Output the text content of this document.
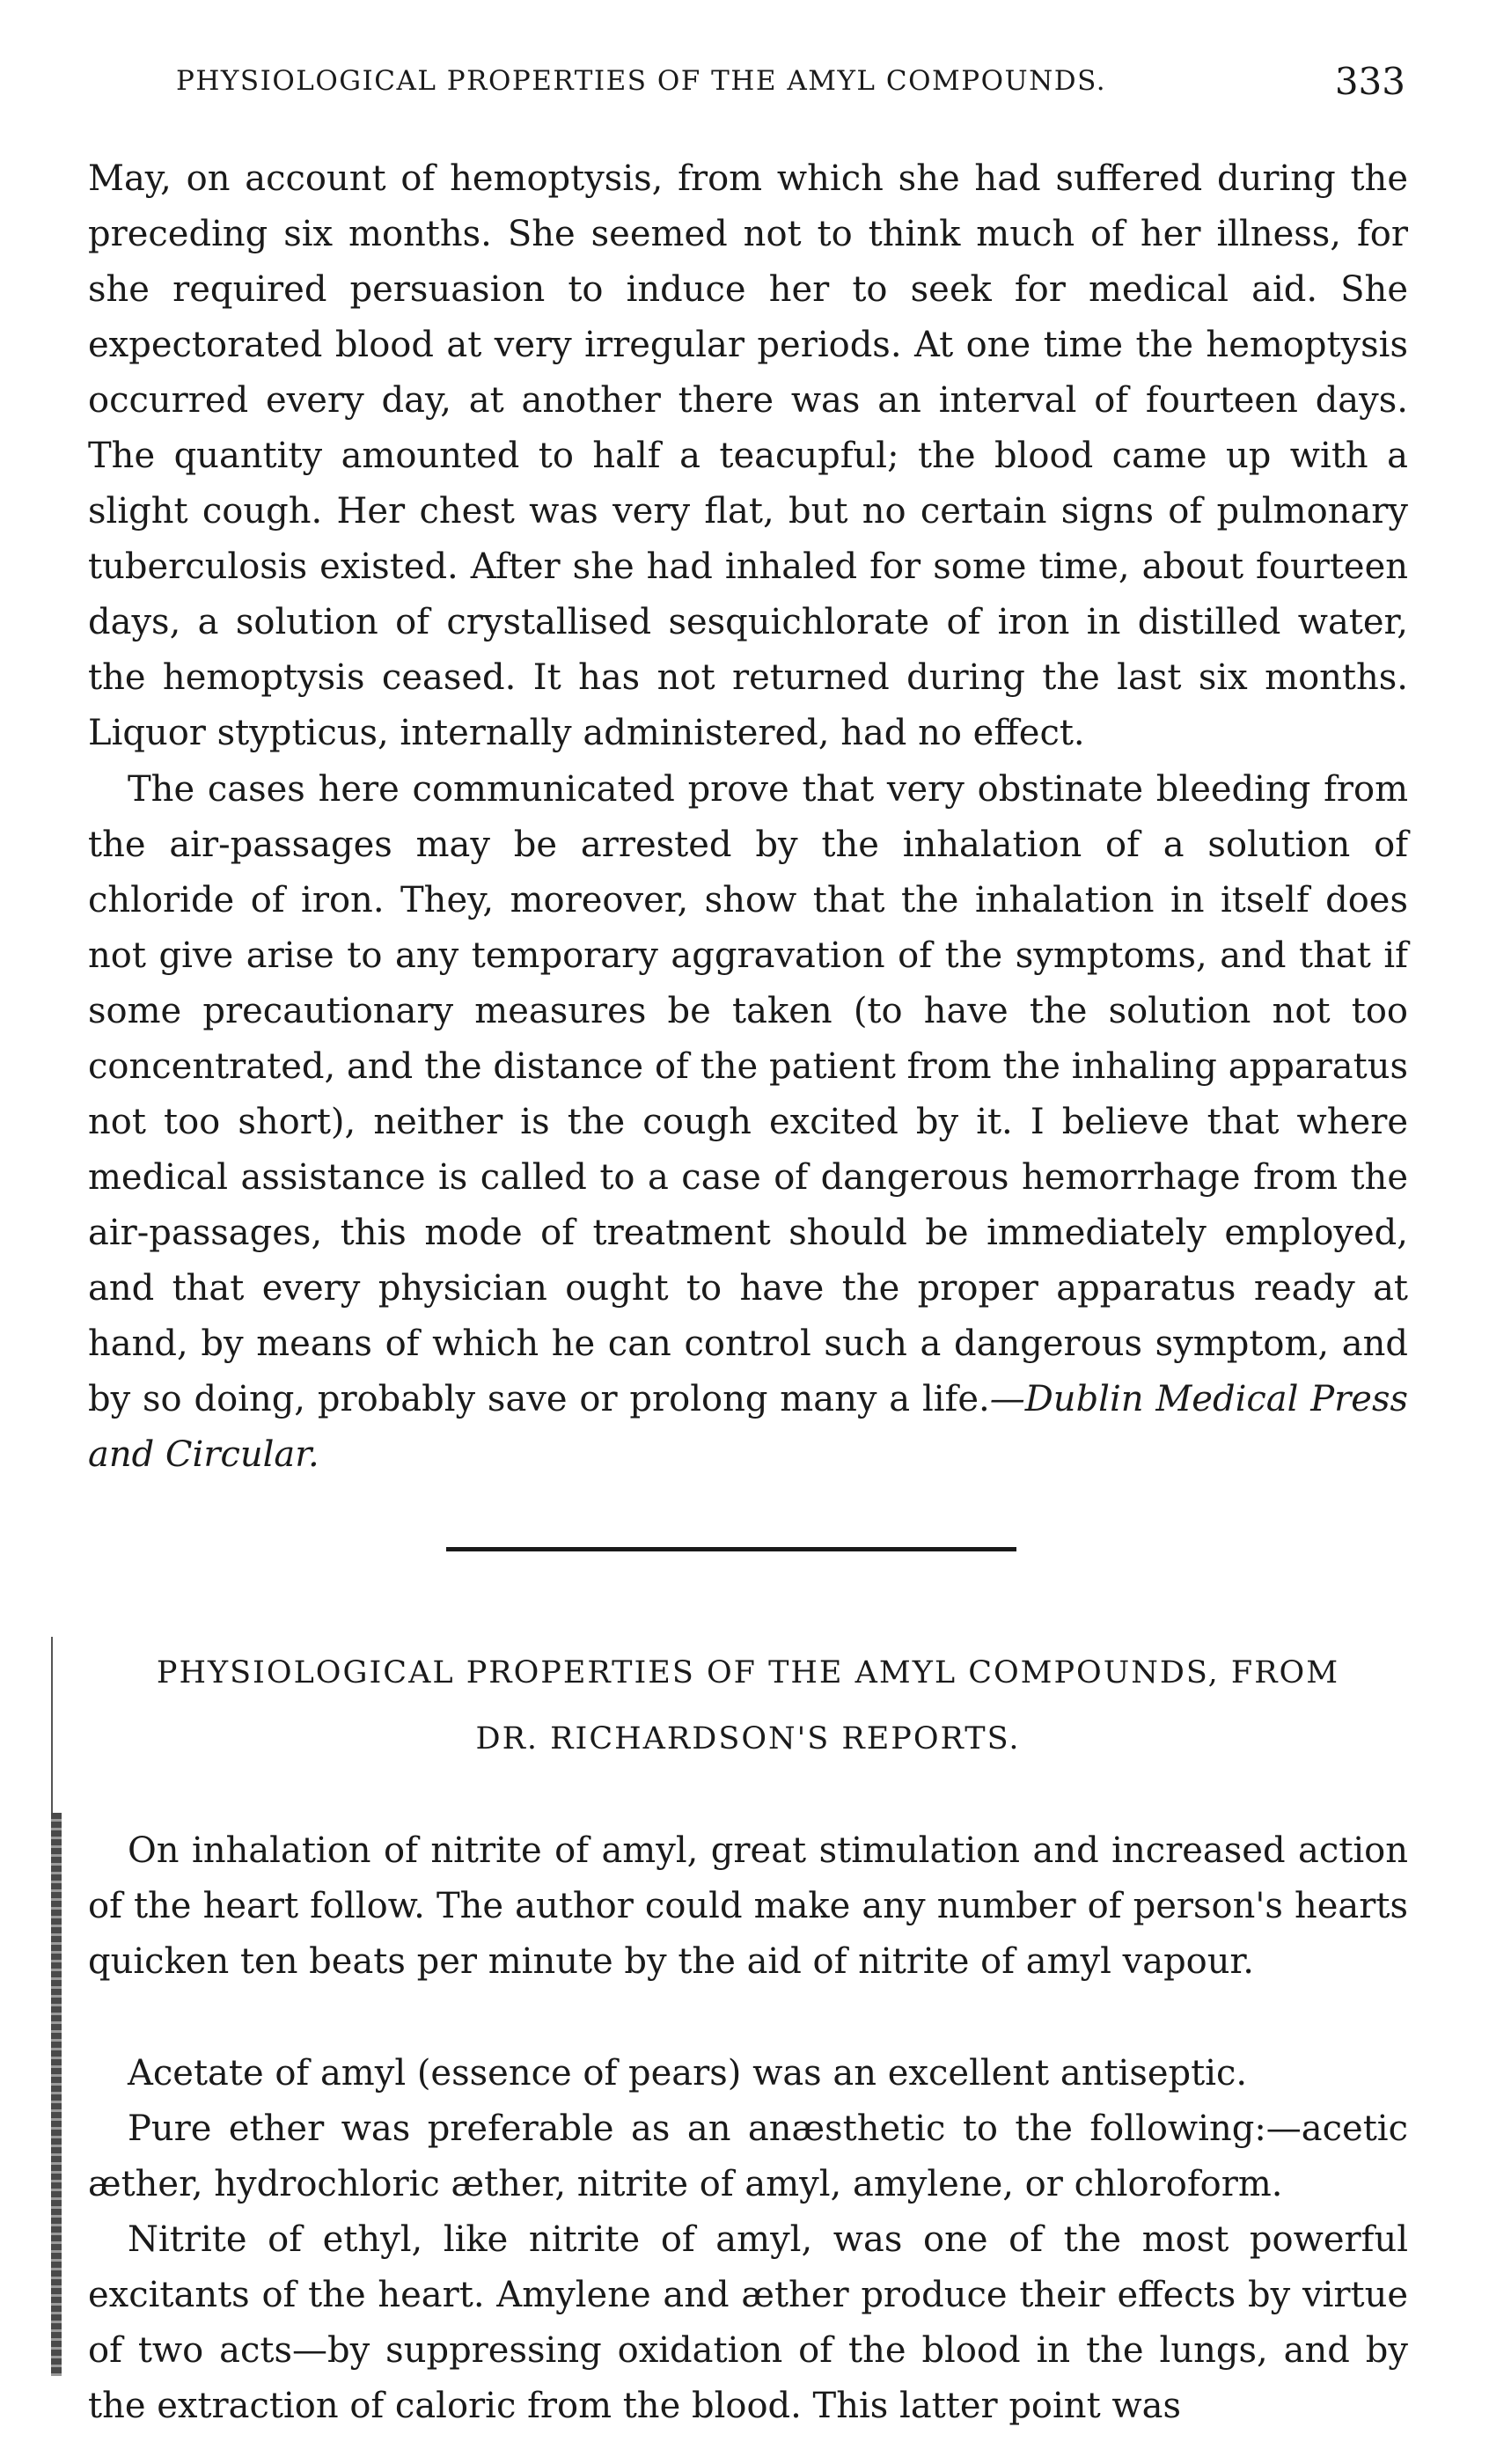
PHYSIOLOGICAL PROPERTIES OF THE AMYL COMPOUNDS.	333

May, on account of hemoptysis, from which she had suffered during the preceding six months. She seemed not to think much of her illness, for she required persuasion to induce her to seek for medical aid. She expectorated blood at very irregular periods. At one time the hemoptysis occurred every day, at another there was an interval of fourteen days. The quantity amounted to half a teacupful; the blood came up with a slight cough. Her chest was very flat, but no certain signs of pulmonary tuberculosis existed. After she had inhaled for some time, about fourteen days, a solution of crystallised sesquichlorate of iron in distilled water, the hemoptysis ceased. It has not returned during the last six months. Liquor stypticus, internally administered, had no effect.

The cases here communicated prove that very obstinate bleeding from the air-passages may be arrested by the inhalation of a solution of chloride of iron. They, moreover, show that the inhalation in itself does not give arise to any temporary aggravation of the symptoms, and that if some precautionary measures be taken (to have the solution not too concentrated, and the distance of the patient from the inhaling apparatus not too short), neither is the cough excited by it. I believe that where medical assistance is called to a case of dangerous hemorrhage from the air-passages, this mode of treatment should be immediately employed, and that every physician ought to have the proper apparatus ready at hand, by means of which he can control such a dangerous symptom, and by so doing, probably save or prolong many a life.—Dublin Medical Press and Circular.

PHYSIOLOGICAL PROPERTIES OF THE AMYL COMPOUNDS, FROM

DR. RICHARDSON'S REPORTS.

On inhalation of nitrite of amyl, great stimulation and increased action of the heart follow. The author could make any number of person's hearts quicken ten beats per minute by the aid of nitrite of amyl vapour.

Acetate of amyl (essence of pears) was an excellent antiseptic.

Pure ether was preferable as an anæsthetic to the following:—acetic æther, hydrochloric æther, nitrite of amyl, amylene, or chloroform.

Nitrite of ethyl, like nitrite of amyl, was one of the most powerful excitants of the heart. Amylene and æther produce their effects by virtue of two acts—by suppressing oxidation of the blood in the lungs, and by the extraction of caloric from the blood. This latter point was
